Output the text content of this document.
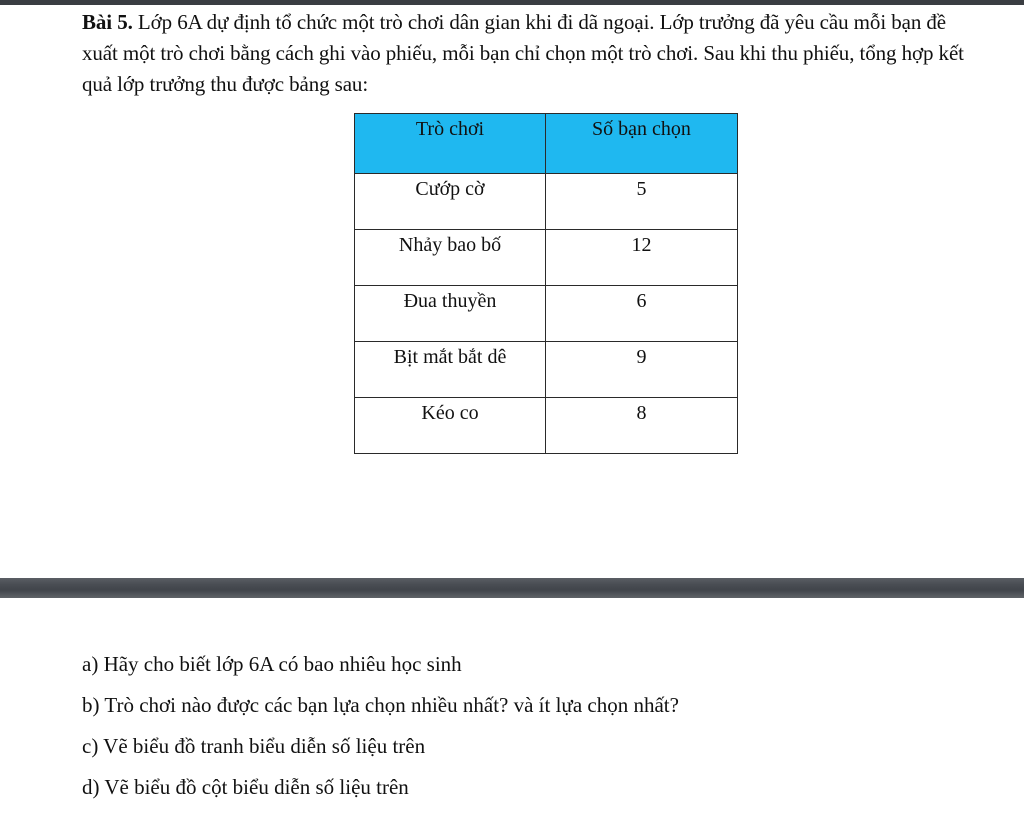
Bài 5. Lớp 6A dự định tổ chức một trò chơi dân gian khi đi dã ngoại. Lớp trưởng đã yêu cầu mỗi bạn đề xuất một trò chơi bằng cách ghi vào phiếu, mỗi bạn chỉ chọn một trò chơi. Sau khi thu phiếu, tổng hợp kết quả lớp trưởng thu được bảng sau:

Trò chơi	Số bạn chọn
Cướp cờ	5
Nhảy bao bố	12
Đua thuyền	6
Bịt mắt bắt dê	9
Kéo co	8
a) Hãy cho biết lớp 6A có bao nhiêu học sinh
b) Trò chơi nào được các bạn lựa chọn nhiều nhất? và ít lựa chọn nhất?
c) Vẽ biểu đồ tranh biểu diễn số liệu trên
d) Vẽ biểu đồ cột biểu diễn số liệu trên
